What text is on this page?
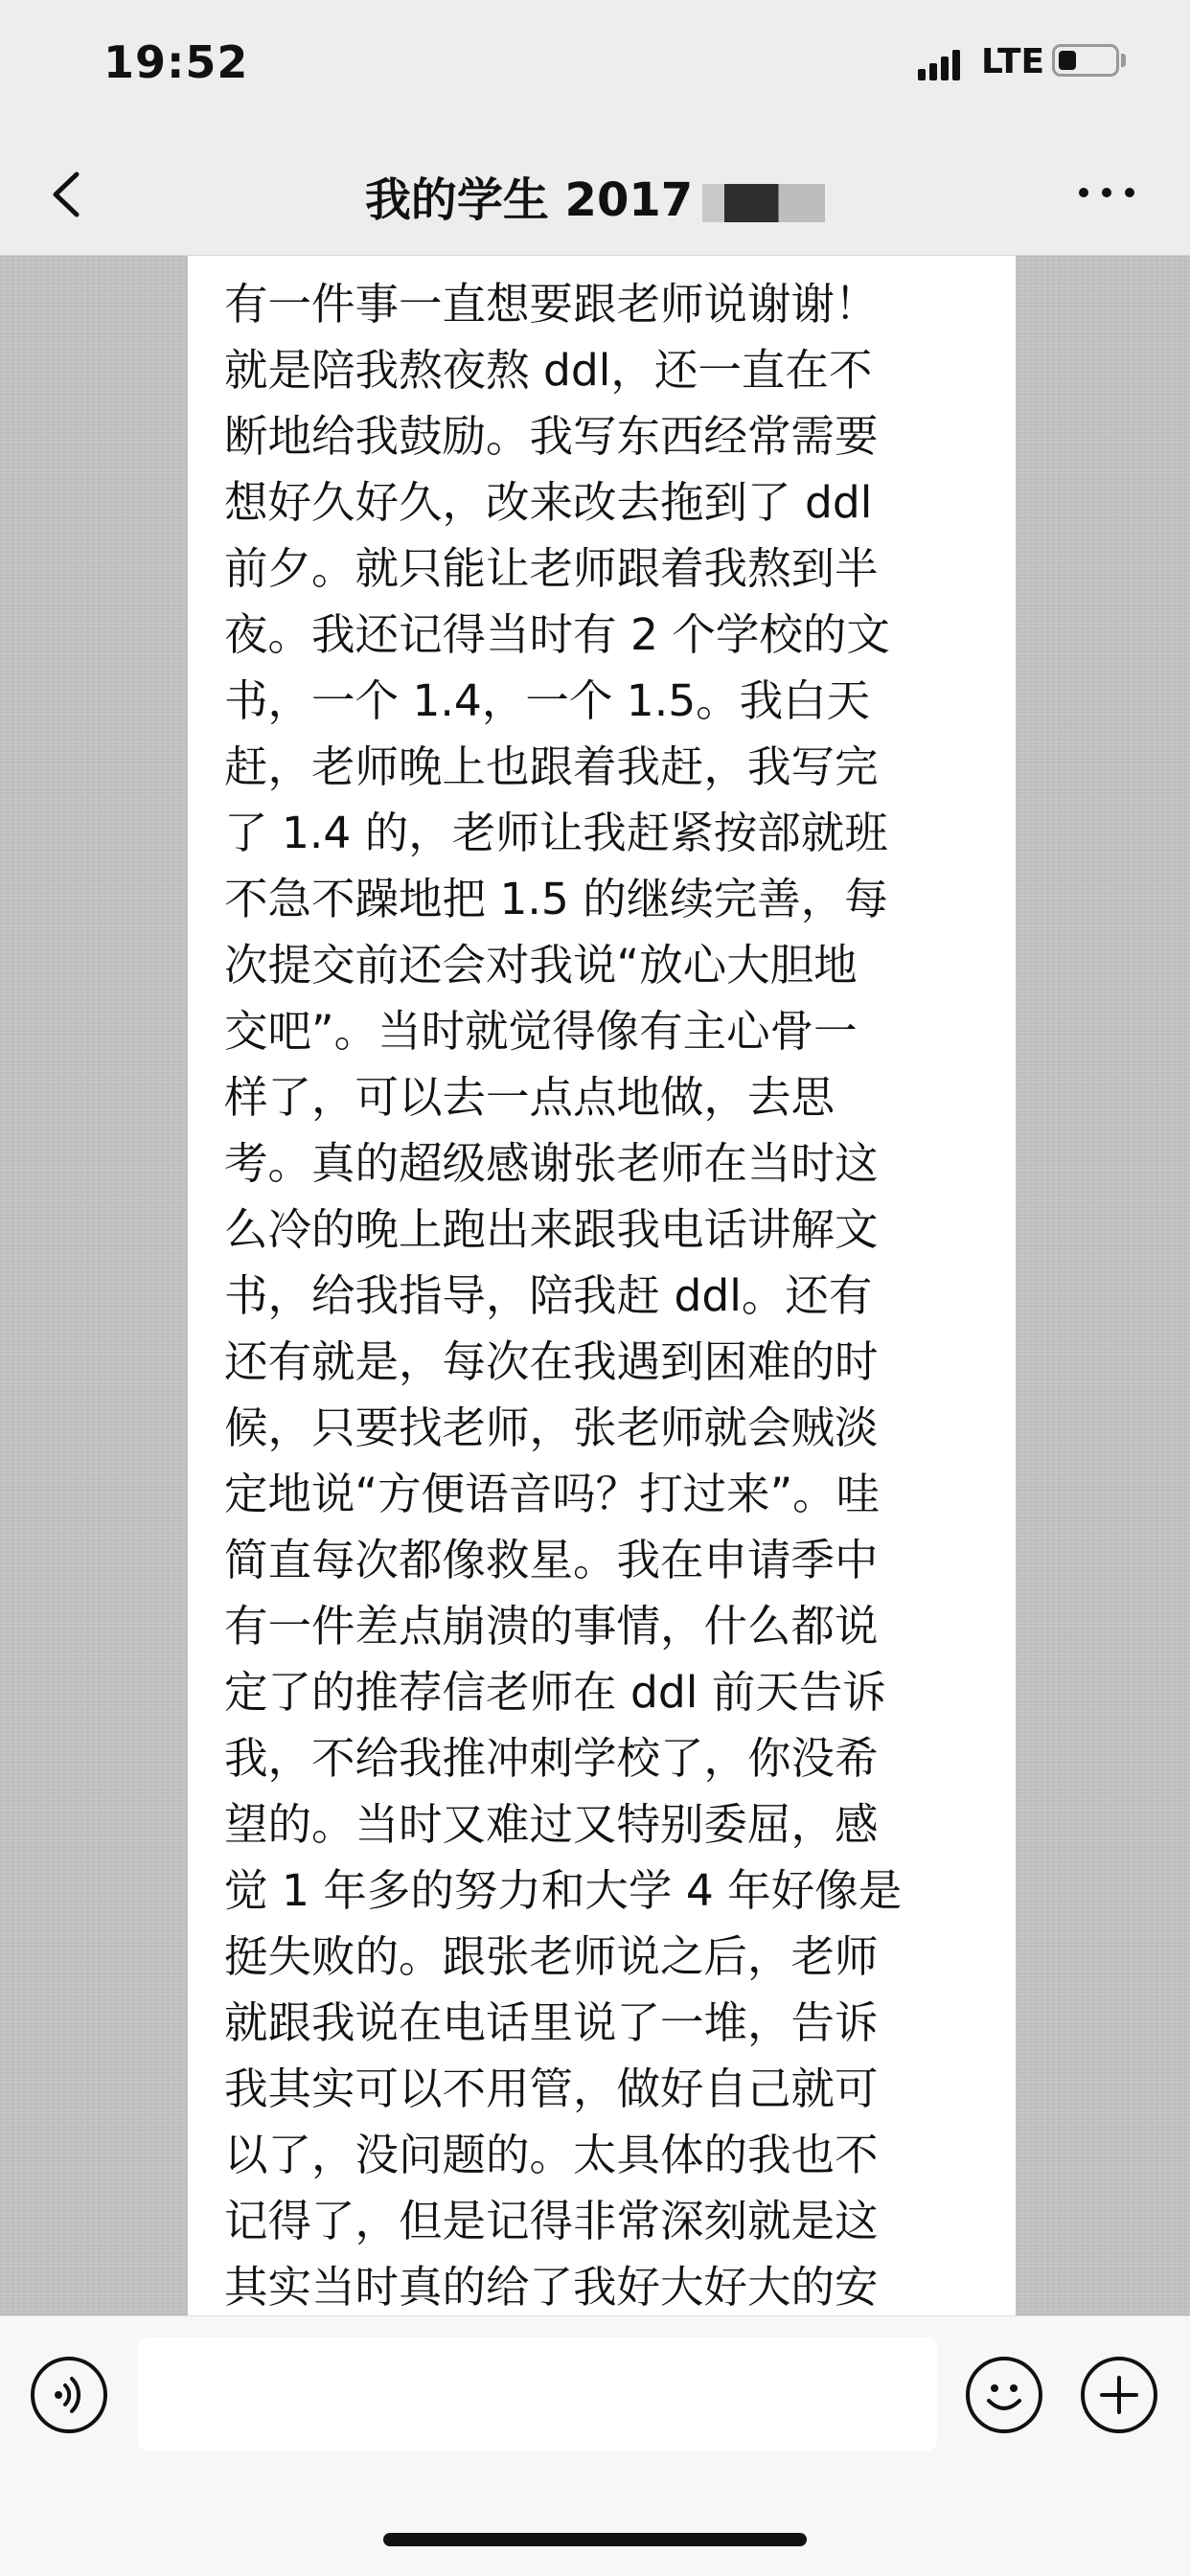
19:52	LTE
我的学生 2017
有一件事一直想要跟老师说谢谢！
就是陪我熬夜熬 ddl，还一直在不
断地给我鼓励。我写东西经常需要
想好久好久，改来改去拖到了 ddl
前夕。就只能让老师跟着我熬到半
夜。我还记得当时有 2 个学校的文
书，一个 1.4，一个 1.5。我白天
赶，老师晚上也跟着我赶，我写完
了 1.4 的，老师让我赶紧按部就班
不急不躁地把 1.5 的继续完善，每
次提交前还会对我说“放心大胆地
交吧”。当时就觉得像有主心骨一
样了，可以去一点点地做，去思
考。真的超级感谢张老师在当时这
么冷的晚上跑出来跟我电话讲解文
书，给我指导，陪我赶 ddl。还有
还有就是，每次在我遇到困难的时
候，只要找老师，张老师就会贼淡
定地说“方便语音吗？打过来”。哇
简直每次都像救星。我在申请季中
有一件差点崩溃的事情，什么都说
定了的推荐信老师在 ddl 前天告诉
我，不给我推冲刺学校了，你没希
望的。当时又难过又特别委屈，感
觉 1 年多的努力和大学 4 年好像是
挺失败的。跟张老师说之后，老师
就跟我说在电话里说了一堆，告诉
我其实可以不用管，做好自己就可
以了，没问题的。太具体的我也不
记得了，但是记得非常深刻就是这
其实当时真的给了我好大好大的安
